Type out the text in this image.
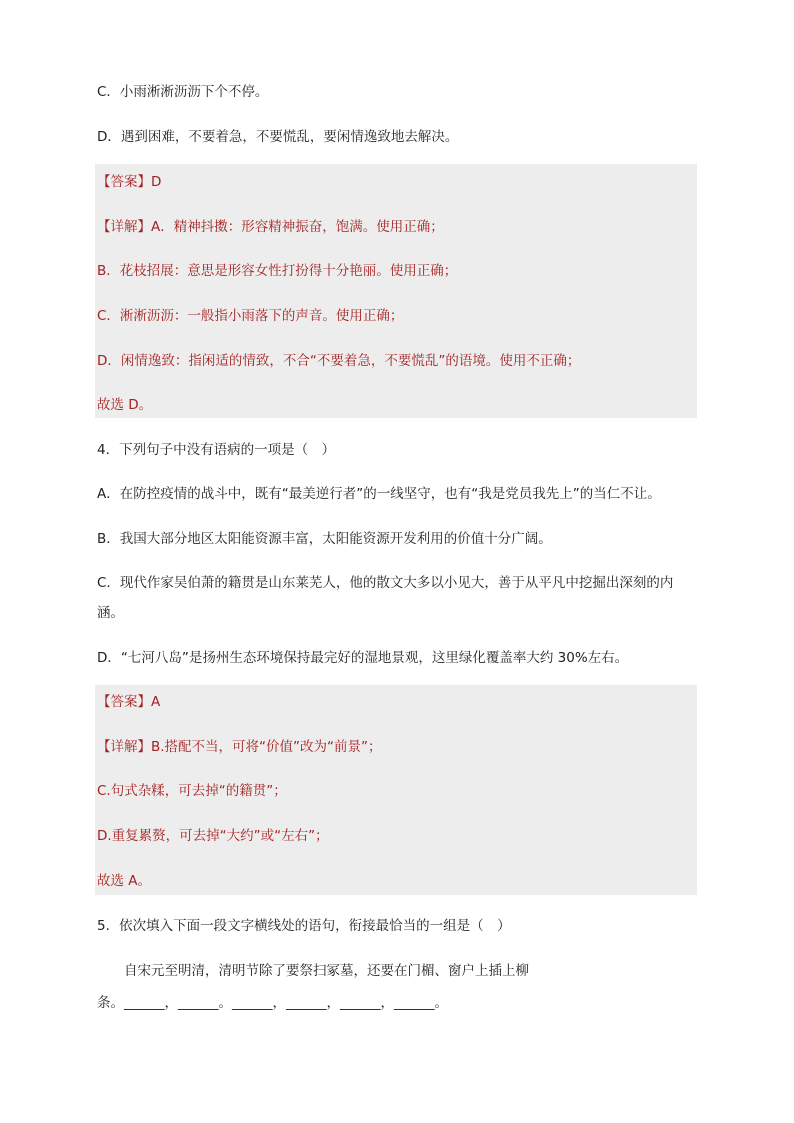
C．小雨淅淅沥沥下个不停。
D．遇到困难，不要着急，不要慌乱，要闲情逸致地去解决。
【答案】D
【详解】A．精神抖擞：形容精神振奋，饱满。使用正确；
B．花枝招展：意思是形容女性打扮得十分艳丽。使用正确；
C．淅淅沥沥：一般指小雨落下的声音。使用正确；
D．闲情逸致：指闲适的情致，不合“不要着急，不要慌乱”的语境。使用不正确；
故选 D。
4．下列句子中没有语病的一项是（　）
A．在防控疫情的战斗中，既有“最美逆行者”的一线坚守，也有“我是党员我先上”的当仁不让。
B．我国大部分地区太阳能资源丰富，太阳能资源开发利用的价值十分广阔。
C．现代作家吴伯萧的籍贯是山东莱芜人，他的散文大多以小见大，善于从平凡中挖掘出深刻的内
涵。
D．“七河八岛”是扬州生态环境保持最完好的湿地景观，这里绿化覆盖率大约 30%左右。
【答案】A
【详解】B.搭配不当，可将“价值”改为“前景”；
C.句式杂糅，可去掉“的籍贯”；
D.重复累赘，可去掉“大约”或“左右”；
故选 A。
5．依次填入下面一段文字横线处的语句，衔接最恰当的一组是（　）
自宋元至明清，清明节除了要祭扫冢墓，还要在门楣、窗户上插上柳
条。______，______。______，______，______，______。
